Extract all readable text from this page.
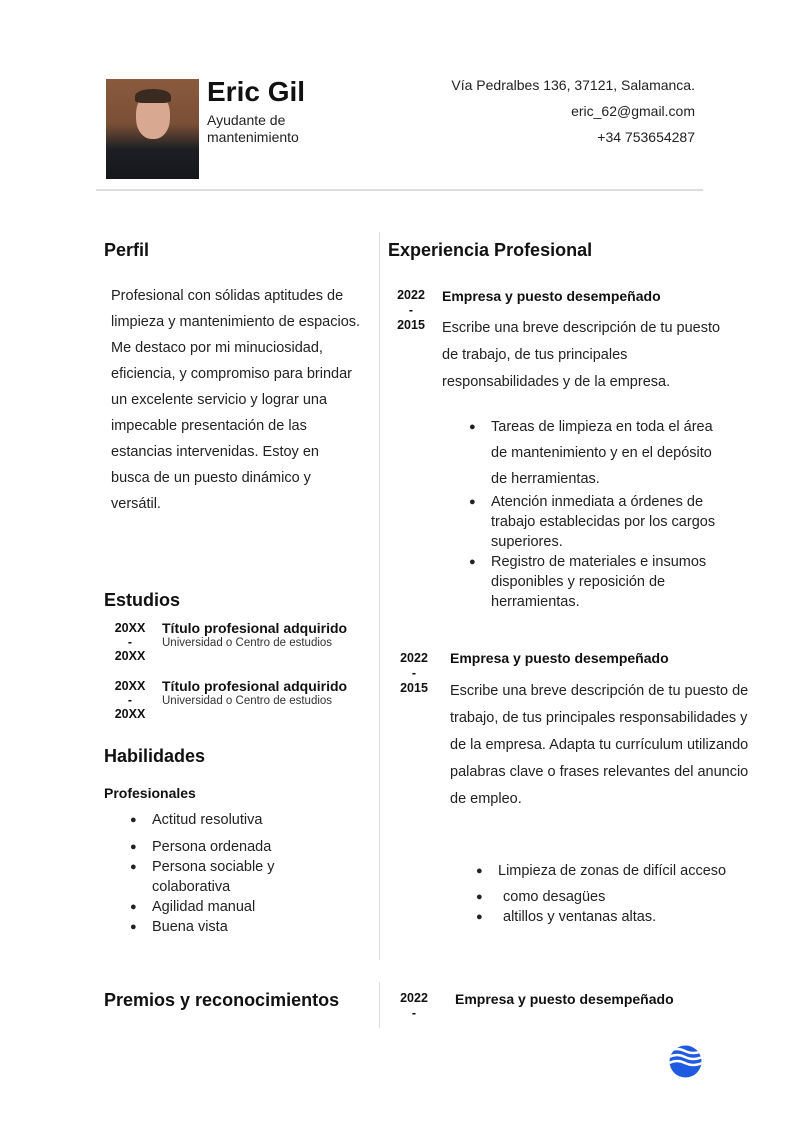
Eric Gil
Ayudante de mantenimiento
Vía Pedralbes 136, 37121, Salamanca.
eric_62@gmail.com
+34 753654287
Perfil
Profesional con sólidas aptitudes de limpieza y mantenimiento de espacios. Me destaco por mi minuciosidad, eficiencia, y compromiso para brindar un excelente servicio y lograr una impecable presentación de las estancias intervenidas. Estoy en busca de un puesto dinámico y versátil.
Estudios
20XX
-
20XX
Título profesional adquirido
Universidad o Centro de estudios
20XX
-
20XX
Título profesional adquirido
Universidad o Centro de estudios
Habilidades
Profesionales
● Actitud resolutiva
● Persona ordenada
● Persona sociable y colaborativa
● Agilidad manual
● Buena vista
Premios y reconocimientos
Experiencia Profesional
2022
-
2015
Empresa y puesto desempeñado
Escribe una breve descripción de tu puesto de trabajo, de tus principales responsabilidades y de la empresa.
● Tareas de limpieza en toda el área de mantenimiento y en el depósito de herramientas.
● Atención inmediata a órdenes de trabajo establecidas por los cargos superiores.
● Registro de materiales e insumos disponibles y reposición de herramientas.
2022
-
2015
Empresa y puesto desempeñado
Escribe una breve descripción de tu puesto de trabajo, de tus principales responsabilidades y de la empresa. Adapta tu currículum utilizando palabras clave o frases relevantes del anuncio de empleo.
● Limpieza de zonas de difícil acceso
● como desagües
● altillos y ventanas altas.
2022
-
Empresa y puesto desempeñado
